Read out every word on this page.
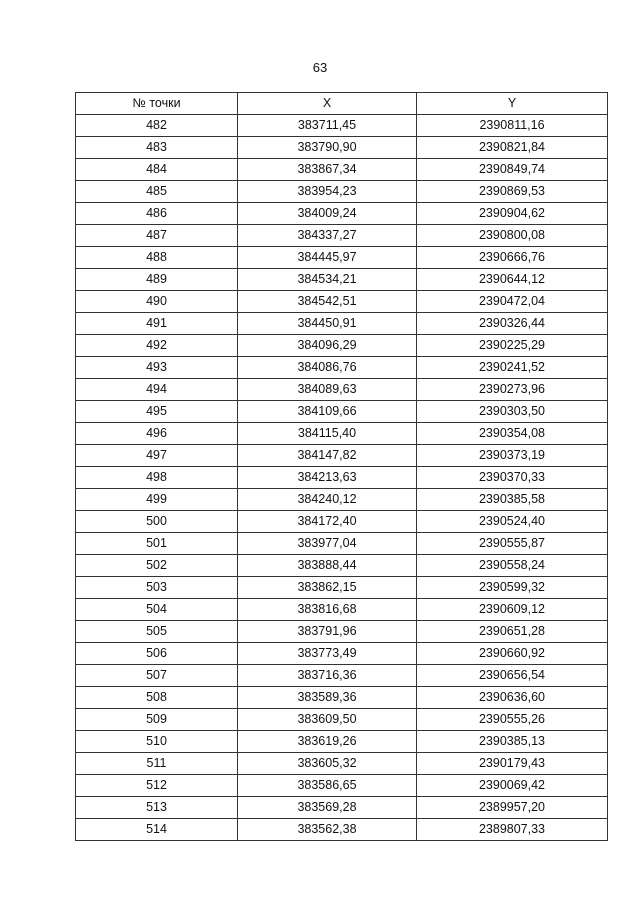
63
№ точки	X	Y
482	383711,45	2390811,16
483	383790,90	2390821,84
484	383867,34	2390849,74
485	383954,23	2390869,53
486	384009,24	2390904,62
487	384337,27	2390800,08
488	384445,97	2390666,76
489	384534,21	2390644,12
490	384542,51	2390472,04
491	384450,91	2390326,44
492	384096,29	2390225,29
493	384086,76	2390241,52
494	384089,63	2390273,96
495	384109,66	2390303,50
496	384115,40	2390354,08
497	384147,82	2390373,19
498	384213,63	2390370,33
499	384240,12	2390385,58
500	384172,40	2390524,40
501	383977,04	2390555,87
502	383888,44	2390558,24
503	383862,15	2390599,32
504	383816,68	2390609,12
505	383791,96	2390651,28
506	383773,49	2390660,92
507	383716,36	2390656,54
508	383589,36	2390636,60
509	383609,50	2390555,26
510	383619,26	2390385,13
511	383605,32	2390179,43
512	383586,65	2390069,42
513	383569,28	2389957,20
514	383562,38	2389807,33
